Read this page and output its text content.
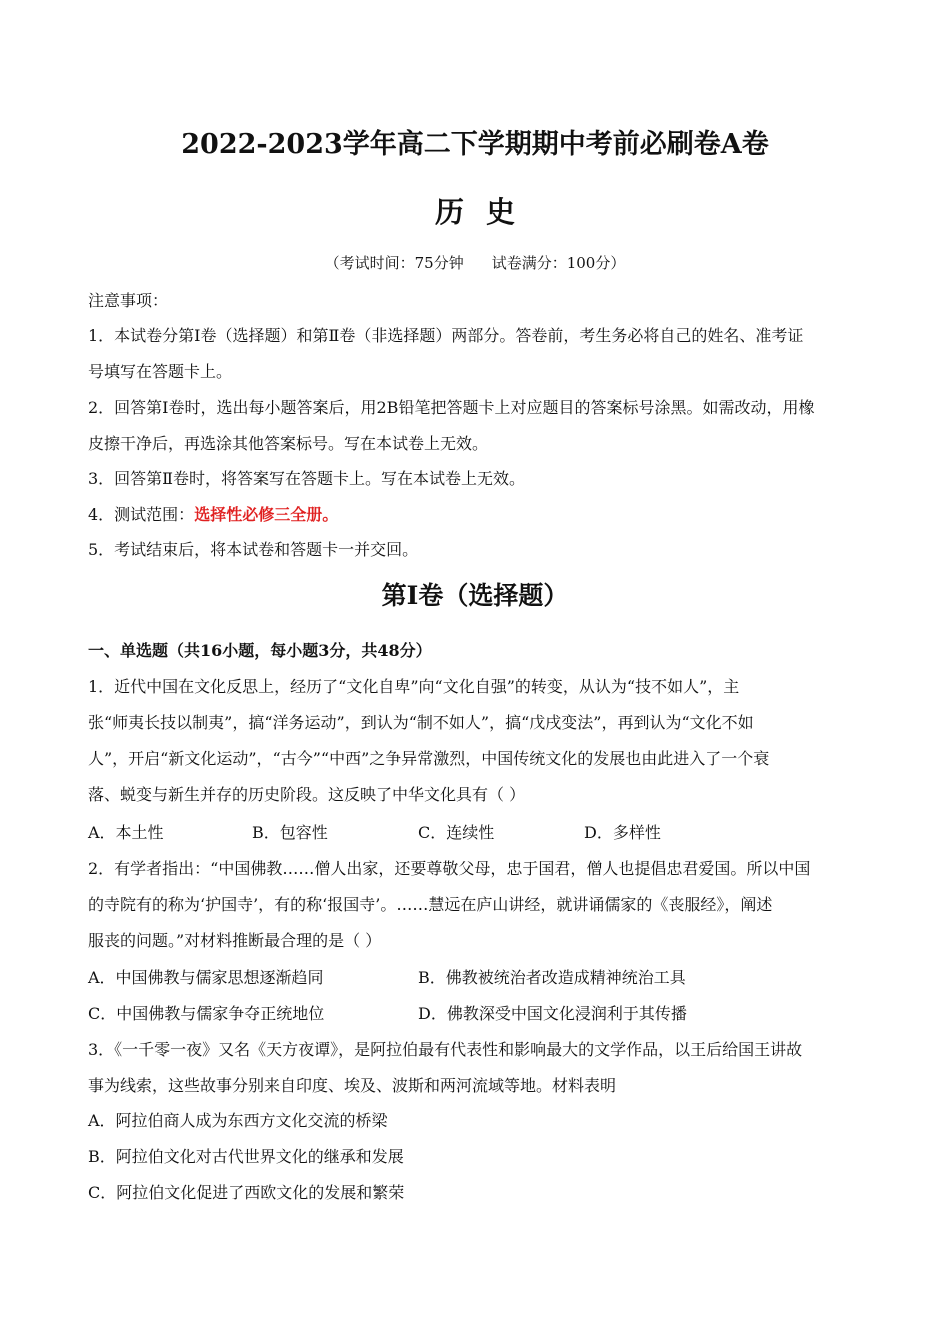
2022-2023学年高二下学期期中考前必刷卷A卷
历史
（考试时间：75分钟 试卷满分：100分）
注意事项：
1．本试卷分第Ⅰ卷（选择题）和第Ⅱ卷（非选择题）两部分。答卷前，考生务必将自己的姓名、准考证
号填写在答题卡上。
2．回答第Ⅰ卷时，选出每小题答案后，用2B铅笔把答题卡上对应题目的答案标号涂黑。如需改动，用橡
皮擦干净后，再选涂其他答案标号。写在本试卷上无效。
3．回答第Ⅱ卷时，将答案写在答题卡上。写在本试卷上无效。
4．测试范围：选择性必修三全册。
5．考试结束后，将本试卷和答题卡一并交回。
第Ⅰ卷（选择题）
一、单选题（共16小题，每小题3分，共48分）
1．近代中国在文化反思上，经历了“文化自卑”向“文化自强”的转变，从认为“技不如人”，主
张“师夷长技以制夷”，搞“洋务运动”，到认为“制不如人”，搞“戊戌变法”，再到认为“文化不如
人”，开启“新文化运动”，“古今”“中西”之争异常激烈，中国传统文化的发展也由此进入了一个衰
落、蜕变与新生并存的历史阶段。这反映了中华文化具有（ ）
A．本土性	B．包容性	C．连续性	D．多样性
2．有学者指出：“中国佛教……僧人出家，还要尊敬父母，忠于国君，僧人也提倡忠君爱国。所以中国
的寺院有的称为‘护国寺’，有的称‘报国寺’。……慧远在庐山讲经，就讲诵儒家的《丧服经》，阐述
服丧的问题。”对材料推断最合理的是（ ）
A．中国佛教与儒家思想逐渐趋同	B．佛教被统治者改造成精神统治工具
C．中国佛教与儒家争夺正统地位	D．佛教深受中国文化浸润利于其传播
3．《一千零一夜》又名《天方夜谭》，是阿拉伯最有代表性和影响最大的文学作品，以王后给国王讲故
事为线索，这些故事分别来自印度、埃及、波斯和两河流域等地。材料表明
A．阿拉伯商人成为东西方文化交流的桥梁
B．阿拉伯文化对古代世界文化的继承和发展
C．阿拉伯文化促进了西欧文化的发展和繁荣
